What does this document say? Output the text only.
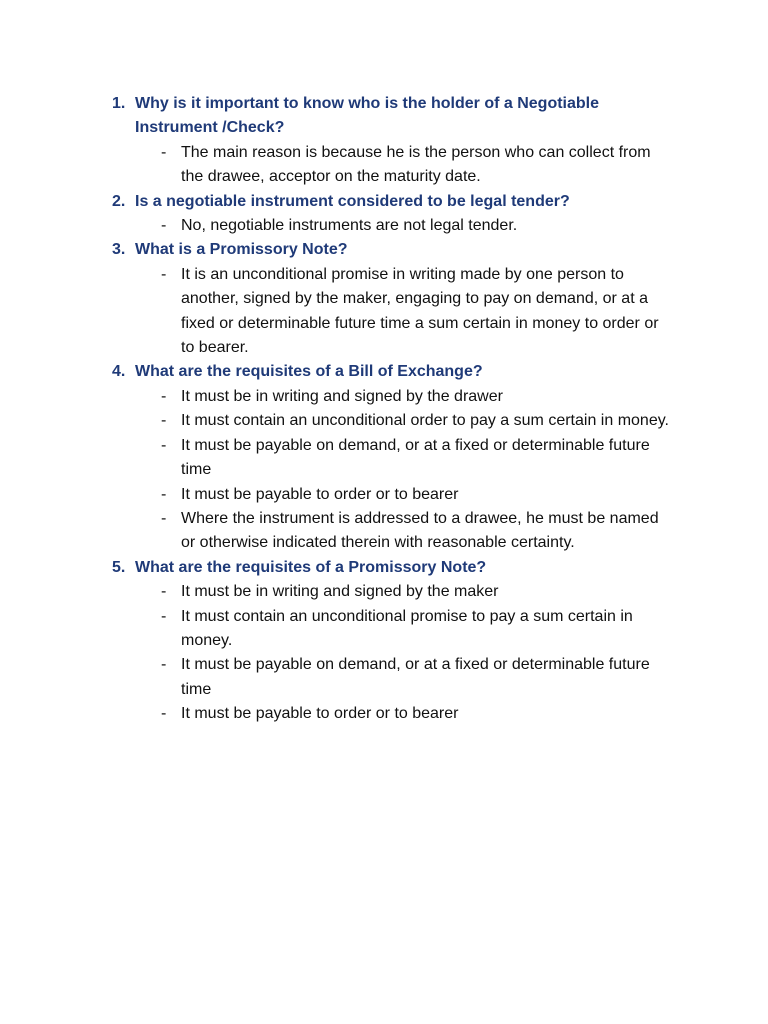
1. Why is it important to know who is the holder of a Negotiable Instrument /Check?
- The main reason is because he is the person who can collect from the drawee, acceptor on the maturity date.
2. Is a negotiable instrument considered to be legal tender?
- No, negotiable instruments are not legal tender.
3. What is a Promissory Note?
- It is an unconditional promise in writing made by one person to another, signed by the maker, engaging to pay on demand, or at a fixed or determinable future time a sum certain in money to order or to bearer.
4. What are the requisites of a Bill of Exchange?
- It must be in writing and signed by the drawer
- It must contain an unconditional order to pay a sum certain in money.
- It must be payable on demand, or at a fixed or determinable future time
- It must be payable to order or to bearer
- Where the instrument is addressed to a drawee, he must be named or otherwise indicated therein with reasonable certainty.
5. What are the requisites of a Promissory Note?
- It must be in writing and signed by the maker
- It must contain an unconditional promise to pay a sum certain in money.
- It must be payable on demand, or at a fixed or determinable future time
- It must be payable to order or to bearer
